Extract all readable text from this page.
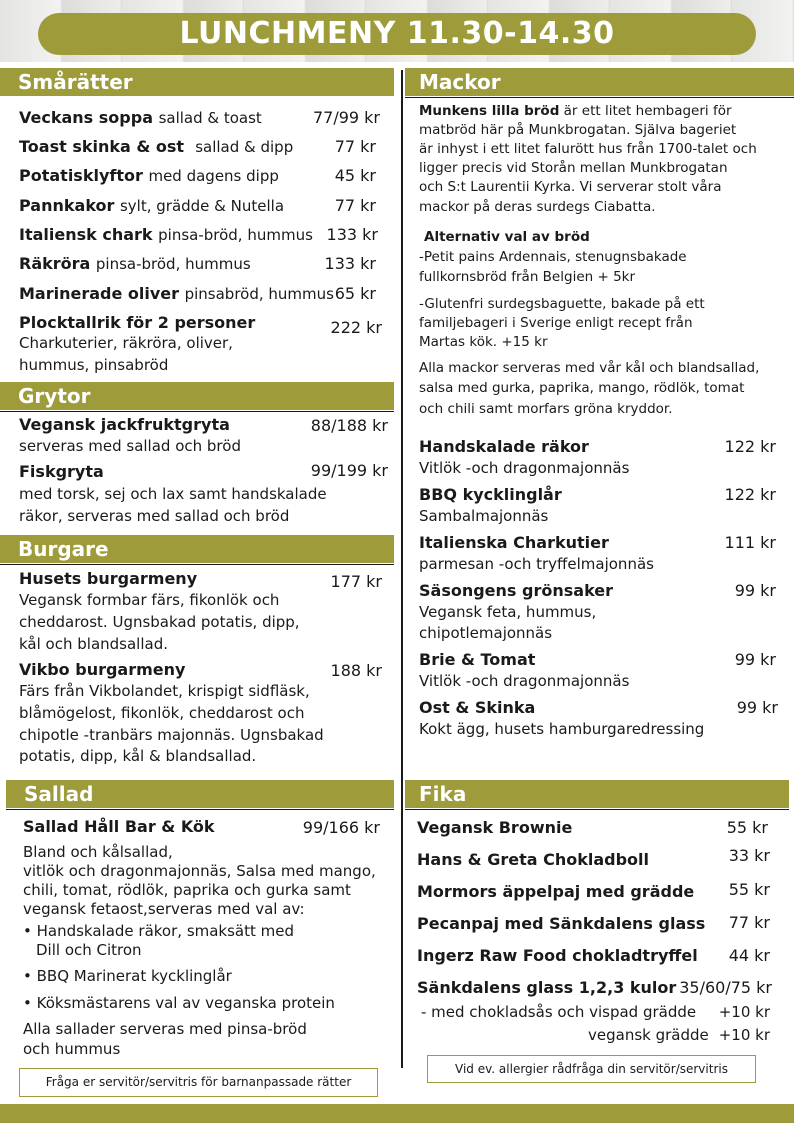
LUNCHMENY 11.30-14.30
Smårätter
Veckans soppa sallad & toast	77/99 kr
Toast skinka & ost sallad & dipp	77 kr
Potatisklyftor med dagens dipp	45 kr
Pannkakor sylt, grädde & Nutella	77 kr
Italiensk chark pinsa-bröd, hummus 133 kr
Räkröra pinsa-bröd, hummus	133 kr
Marinerade oliver pinsabröd, hummus 65 kr
Plocktallrik för 2 personer	222 kr
Charkuterier, räkröra, oliver,
hummus, pinsabröd
Grytor
Vegansk jackfruktgryta	88/188 kr
serveras med sallad och bröd
Fiskgryta	99/199 kr
med torsk, sej och lax samt handskalade
räkor, serveras med sallad och bröd
Burgare
Husets burgarmeny	177 kr
Vegansk formbar färs, fikonlök och
cheddarost. Ugnsbakad potatis, dipp,
kål och blandsallad.
Vikbo burgarmeny	188 kr
Färs från Vikbolandet, krispigt sidfläsk,
blåmögelost, fikonlök, cheddarost och
chipotle -tranbärs majonnäs. Ugnsbakad
potatis, dipp, kål & blandsallad.
Sallad
Sallad Håll Bar & Kök	99/166 kr
Bland och kålsallad,
vitlök och dragonmajonnäs, Salsa med mango,
chili, tomat, rödlök, paprika och gurka samt
vegansk fetaost,serveras med val av:
• Handskalade räkor, smaksätt med
Dill och Citron
• BBQ Marinerat kycklinglår
• Köksmästarens val av veganska protein
Alla sallader serveras med pinsa-bröd
och hummus
Fråga er servitör/servitris för barnanpassade rätter
Mackor
Munkens lilla bröd är ett litet hembageri för
matbröd här på Munkbrogatan. Själva bageriet
är inhyst i ett litet falurött hus från 1700-talet och
ligger precis vid Storån mellan Munkbrogatan
och S:t Laurentii Kyrka. Vi serverar stolt våra
mackor på deras surdegs Ciabatta.
Alternativ val av bröd
-Petit pains Ardennais, stenugnsbakade
fullkornsbröd från Belgien + 5kr
-Glutenfri surdegsbaguette, bakade på ett
familjebageri i Sverige enligt recept från
Martas kök. +15 kr
Alla mackor serveras med vår kål och blandsallad,
salsa med gurka, paprika, mango, rödlök, tomat
och chili samt morfars gröna kryddor.
Handskalade räkor	122 kr
Vitlök -och dragonmajonnäs
BBQ kycklinglår	122 kr
Sambalmajonnäs
Italienska Charkutier	111 kr
parmesan -och tryffelmajonnäs
Säsongens grönsaker	99 kr
Vegansk feta, hummus,
chipotlemajonnäs
Brie & Tomat	99 kr
Vitlök -och dragonmajonnäs
Ost & Skinka	99 kr
Kokt ägg, husets hamburgaredressing
Fika
Vegansk Brownie	55 kr
Hans & Greta Chokladboll	33 kr
Mormors äppelpaj med grädde 55 kr
Pecanpaj med Sänkdalens glass 77 kr
Ingerz Raw Food chokladtryffel 44 kr
Sänkdalens glass 1,2,3 kulor 35/60/75 kr
- med chokladsås och vispad grädde +10 kr
vegansk grädde +10 kr
Vid ev. allergier rådfråga din servitör/servitris
